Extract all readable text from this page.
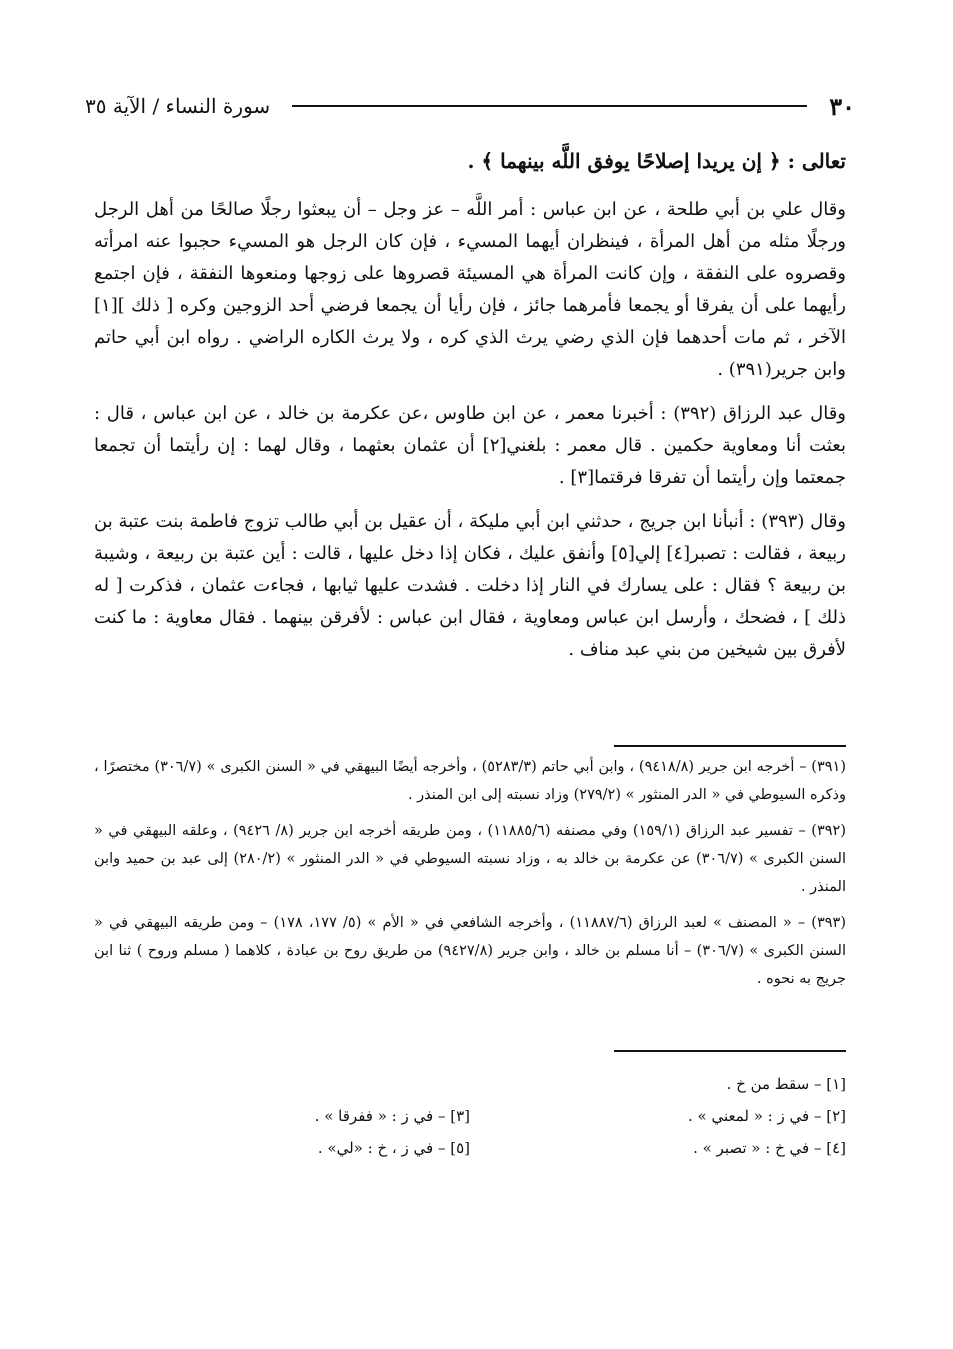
٣٠
سورة النساء / الآية ٣٥

تعالى : ﴿ إن يريدا إصلاحًا يوفق اللَّه بينهما ﴾ .

وقال علي بن أبي طلحة ، عن ابن عباس : أمر اللَّه – عز وجل – أن يبعثوا رجلًا صالحًا من أهل الرجل ورجلًا مثله من أهل المرأة ، فينظران أيهما المسيء ، فإن كان الرجل هو المسيء حجبوا عنه امرأته وقصروه على النفقة ، وإن كانت المرأة هي المسيئة قصروها على زوجها ومنعوها النفقة ، فإن اجتمع رأيهما على أن يفرقا أو يجمعا فأمرهما جائز ، فإن رأيا أن يجمعا فرضي أحد الزوجين وكره [ ذلك ][١] الآخر ، ثم مات أحدهما فإن الذي رضي يرث الذي كره ، ولا يرث الكاره الراضي . رواه ابن أبي حاتم وابن جرير(٣٩١) .

وقال عبد الرزاق (٣٩٢) : أخبرنا معمر ، عن ابن طاوس ،عن عكرمة بن خالد ، عن ابن عباس ، قال : بعثت أنا ومعاوية حكمين . قال معمر : بلغني[٢] أن عثمان بعثهما ، وقال لهما : إن رأيتما أن تجمعا جمعتما وإن رأيتما أن تفرقا فرقتما[٣] .

وقال (٣٩٣) : أنبأنا ابن جريج ، حدثني ابن أبي مليكة ، أن عقيل بن أبي طالب تزوج فاطمة بنت عتبة بن ربيعة ، فقالت : تصبر[٤] إلي[٥] وأنفق عليك ، فكان إذا دخل عليها ، قالت : أين عتبة بن ربيعة ، وشيبة بن ربيعة ؟ فقال : على يسارك في النار إذا دخلت . فشدت عليها ثيابها ، فجاءت عثمان ، فذكرت [ له ذلك ] ، فضحك ، وأرسل ابن عباس ومعاوية ، فقال ابن عباس : لأفرقن بينهما . فقال معاوية : ما كنت لأفرق بين شيخين من بني عبد مناف .

(٣٩١) – أخرجه ابن جرير (٩٤١٨/٨) ، وابن أبي حاتم (٥٢٨٣/٣) ، وأخرجه أيضًا البيهقي في « السنن الكبرى » (٣٠٦/٧) مختصرًا ، وذكره السيوطي في « الدر المنثور » (٢٧٩/٢) وزاد نسبته إلى ابن المنذر .

(٣٩٢) – تفسير عبد الرزاق (١٥٩/١) وفي مصنفه (١١٨٨٥/٦) ، ومن طريقه أخرجه ابن جرير (٨/ ٩٤٢٦) ، وعلقه البيهقي في « السنن الكبرى » (٣٠٦/٧) عن عكرمة بن خالد به ، وزاد نسبته السيوطي في « الدر المنثور » (٢٨٠/٢) إلى عبد بن حميد وابن المنذر .

(٣٩٣) – « المصنف » لعبد الرزاق (١١٨٨٧/٦) ، وأخرجه الشافعي في « الأم » (٥/ ١٧٧، ١٧٨) – ومن طريقه البيهقي في « السنن الكبرى » (٣٠٦/٧) – أنا مسلم بن خالد ، وابن جرير (٩٤٢٧/٨) من طريق روح بن عبادة ، كلاهما ( مسلم وروح ) ثنا ابن جريج به نحوه .

[١] – سقط من خ .
[٢] – في ز : « لمعني » .
[٣] – في ز : « ففرقا » .
[٤] – في خ : « تصبر » .
[٥] – في ز ، خ : «لي» .
